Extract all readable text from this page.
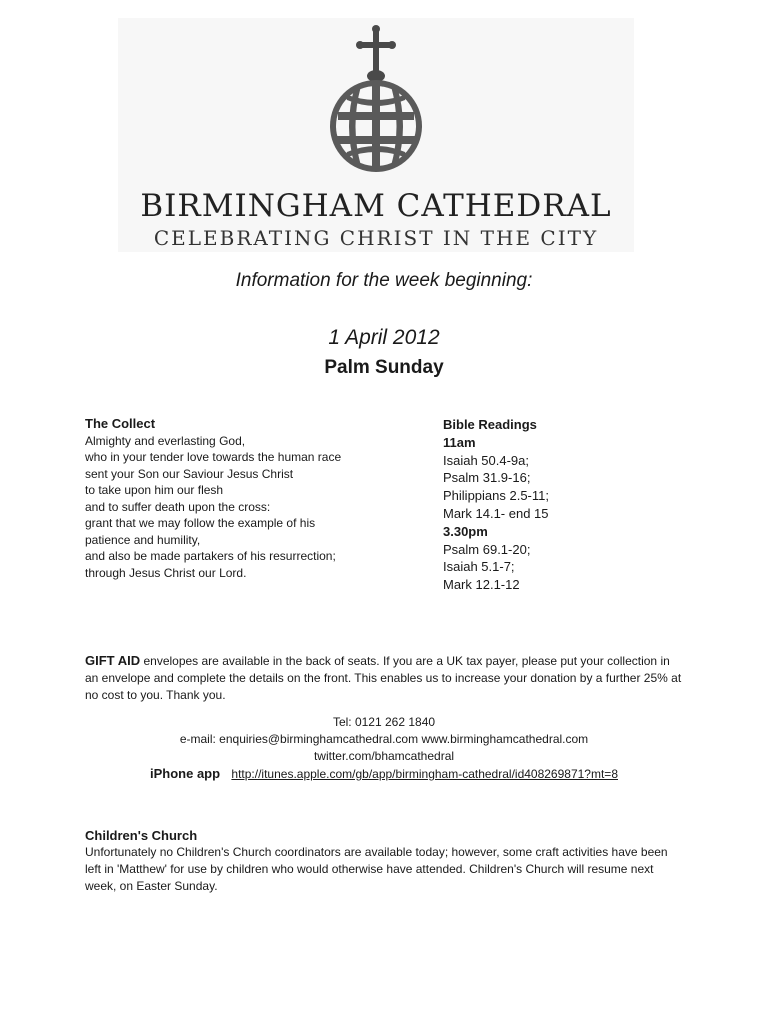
BIRMINGHAM CATHEDRAL
CELEBRATING CHRIST IN THE CITY
Information for the week beginning:
1 April 2012
Palm Sunday
The Collect
Almighty and everlasting God,
who in your tender love towards the human race
sent your Son our Saviour Jesus Christ
to take upon him our flesh
and to suffer death upon the cross:
grant that we may follow the example of his
patience and humility,
and also be made partakers of his resurrection;
through Jesus Christ our Lord.
Bible Readings
11am
Isaiah 50.4-9a;
Psalm 31.9-16;
Philippians 2.5-11;
Mark 14.1- end 15
3.30pm
Psalm 69.1-20;
Isaiah 5.1-7;
Mark 12.1-12
GIFT AID envelopes are available in the back of seats. If you are a UK tax payer, please put your collection in an envelope and complete the details on the front. This enables us to increase your donation by a further 25% at no cost to you. Thank you.
Tel: 0121 262 1840
e-mail: enquiries@birminghamcathedral.com www.birminghamcathedral.com
twitter.com/bhamcathedral
iPhone app http://itunes.apple.com/gb/app/birmingham-cathedral/id408269871?mt=8
Children's Church
Unfortunately no Children's Church coordinators are available today; however, some craft activities have been left in 'Matthew' for use by children who would otherwise have attended. Children's Church will resume next week, on Easter Sunday.
